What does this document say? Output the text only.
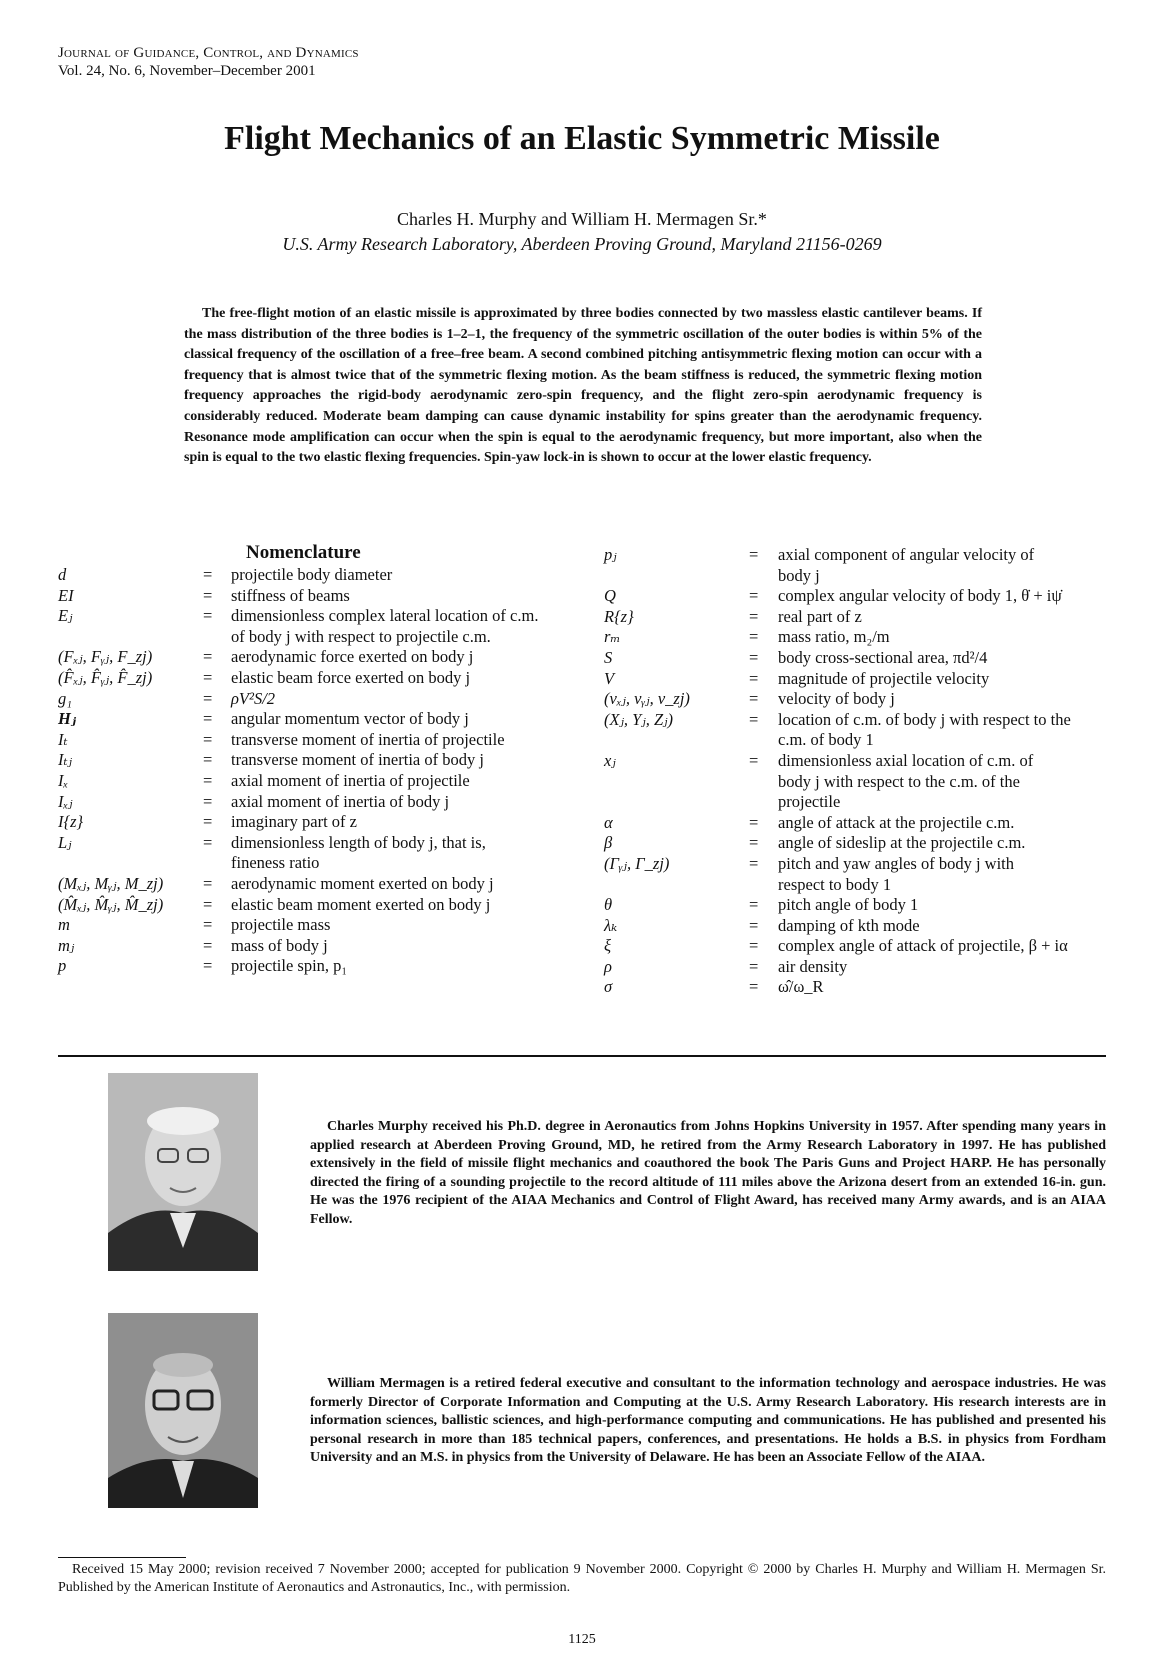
Journal of Guidance, Control, and Dynamics
Vol. 24, No. 6, November–December 2001
Flight Mechanics of an Elastic Symmetric Missile
Charles H. Murphy and William H. Mermagen Sr.*
U.S. Army Research Laboratory, Aberdeen Proving Ground, Maryland 21156-0269
The free-flight motion of an elastic missile is approximated by three bodies connected by two massless elastic cantilever beams. If the mass distribution of the three bodies is 1–2–1, the frequency of the symmetric oscillation of the outer bodies is within 5% of the classical frequency of the oscillation of a free–free beam. A second combined pitching antisymmetric flexing motion can occur with a frequency that is almost twice that of the symmetric flexing motion. As the beam stiffness is reduced, the symmetric flexing motion frequency approaches the rigid-body aerodynamic zero-spin frequency, and the flight zero-spin aerodynamic frequency is considerably reduced. Moderate beam damping can cause dynamic instability for spins greater than the aerodynamic frequency. Resonance mode amplification can occur when the spin is equal to the aerodynamic frequency, but more important, also when the spin is equal to the two elastic flexing frequencies. Spin-yaw lock-in is shown to occur at the lower elastic frequency.
Nomenclature
d	= projectile body diameter
EI	= stiffness of beams
Eⱼ	= dimensionless complex lateral location of c.m. of body j with respect to projectile c.m.
(Fₓⱼ, Fᵧⱼ, F_zj)	= aerodynamic force exerted on body j
(F̂ₓⱼ, F̂ᵧⱼ, F̂_zj)	= elastic beam force exerted on body j
g₁	= ρV²S/2
Hⱼ	= angular momentum vector of body j
Iₜ	= transverse moment of inertia of projectile
Iₜⱼ	= transverse moment of inertia of body j
Iₓ	= axial moment of inertia of projectile
Iₓⱼ	= axial moment of inertia of body j
I{z}	= imaginary part of z
Lⱼ	= dimensionless length of body j, that is, fineness ratio
(Mₓⱼ, Mᵧⱼ, M_zj) = aerodynamic moment exerted on body j
(M̂ₓⱼ, M̂ᵧⱼ, M̂_zj) = elastic beam moment exerted on body j
m	= projectile mass
mⱼ	= mass of body j
p	= projectile spin, p₁
pⱼ	= axial component of angular velocity of body j
Q	= complex angular velocity of body 1, θ̇ + iψ̇
R{z}	= real part of z
rₘ	= mass ratio, m₂/m
S	= body cross-sectional area, πd²/4
V	= magnitude of projectile velocity
(vₓⱼ, vᵧⱼ, v_zj)	= velocity of body j
(Xⱼ, Yⱼ, Zⱼ)	= location of c.m. of body j with respect to the c.m. of body 1
xⱼ	= dimensionless axial location of c.m. of body j with respect to the c.m. of the projectile
α	= angle of attack at the projectile c.m.
β	= angle of sideslip at the projectile c.m.
(Γᵧⱼ, Γ_zj)	= pitch and yaw angles of body j with respect to body 1
θ	= pitch angle of body 1
λₖ	= damping of kth mode
ξ	= complex angle of attack of projectile, β + iα
ρ	= air density
σ	= ω̂/ω_R
Charles Murphy received his Ph.D. degree in Aeronautics from Johns Hopkins University in 1957. After spending many years in applied research at Aberdeen Proving Ground, MD, he retired from the Army Research Laboratory in 1997. He has published extensively in the field of missile flight mechanics and coauthored the book The Paris Guns and Project HARP. He has personally directed the firing of a sounding projectile to the record altitude of 111 miles above the Arizona desert from an extended 16-in. gun. He was the 1976 recipient of the AIAA Mechanics and Control of Flight Award, has received many Army awards, and is an AIAA Fellow.
William Mermagen is a retired federal executive and consultant to the information technology and aerospace industries. He was formerly Director of Corporate Information and Computing at the U.S. Army Research Laboratory. His research interests are in information sciences, ballistic sciences, and high-performance computing and communications. He has published and presented his personal research in more than 185 technical papers, conferences, and presentations. He holds a B.S. in physics from Fordham University and an M.S. in physics from the University of Delaware. He has been an Associate Fellow of the AIAA.
Received 15 May 2000; revision received 7 November 2000; accepted for publication 9 November 2000. Copyright © 2000 by Charles H. Murphy and William H. Mermagen Sr. Published by the American Institute of Aeronautics and Astronautics, Inc., with permission.
1125
